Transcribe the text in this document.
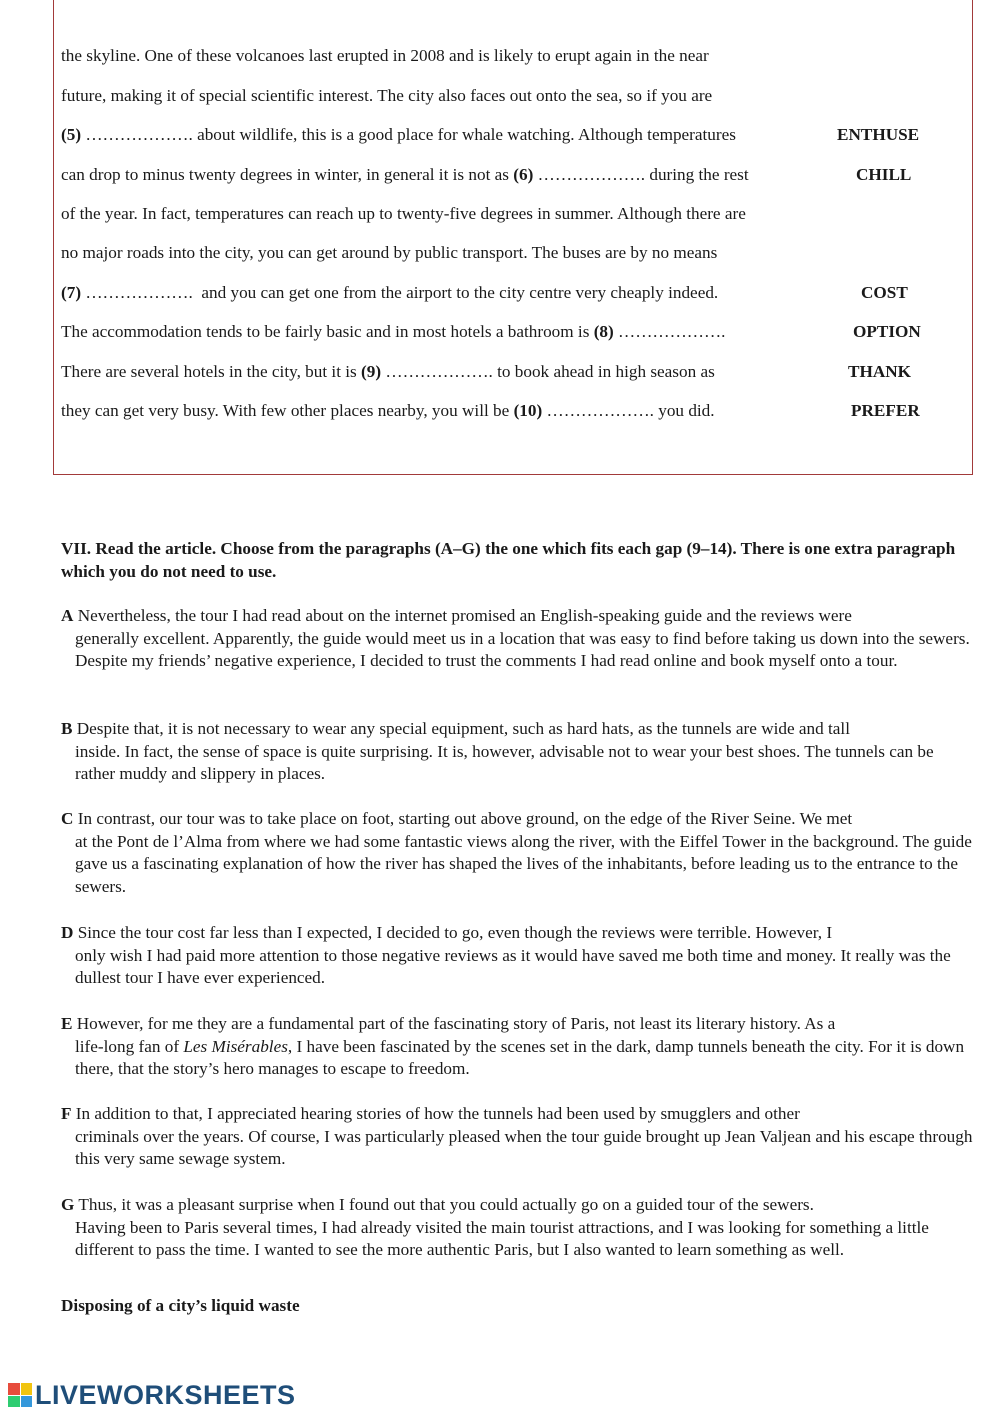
the skyline. One of these volcanoes last erupted in 2008 and is likely to erupt again in the near
future, making it of special scientific interest. The city also faces out onto the sea, so if you are
(5) ………………. about wildlife, this is a good place for whale watching. Although temperatures	ENTHUSE
can drop to minus twenty degrees in winter, in general it is not as (6) ………………. during the rest	CHILL
of the year. In fact, temperatures can reach up to twenty-five degrees in summer. Although there are
no major roads into the city, you can get around by public transport. The buses are by no means
(7) ……………….  and you can get one from the airport to the city centre very cheaply indeed.	COST
The accommodation tends to be fairly basic and in most hotels a bathroom is (8) ……………….	OPTION
There are several hotels in the city, but it is (9) ………………. to book ahead in high season as	THANK
they can get very busy. With few other places nearby, you will be (10) ………………. you did.	PREFER
VII. Read the article. Choose from the paragraphs (A–G) the one which fits each gap (9–14). There is one extra paragraph which you do not need to use.
A Nevertheless, the tour I had read about on the internet promised an English-speaking guide and the reviews were
generally excellent. Apparently, the guide would meet us in a location that was easy to find before taking us down into the sewers. Despite my friends’ negative experience, I decided to trust the comments I had read online and book myself onto a tour.
B Despite that, it is not necessary to wear any special equipment, such as hard hats, as the tunnels are wide and tall
inside. In fact, the sense of space is quite surprising. It is, however, advisable not to wear your best shoes. The tunnels can be rather muddy and slippery in places.
C In contrast, our tour was to take place on foot, starting out above ground, on the edge of the River Seine. We met
at the Pont de l’Alma from where we had some fantastic views along the river, with the Eiffel Tower in the background. The guide gave us a fascinating explanation of how the river has shaped the lives of the inhabitants, before leading us to the entrance to the sewers.
D Since the tour cost far less than I expected, I decided to go, even though the reviews were terrible. However, I
only wish I had paid more attention to those negative reviews as it would have saved me both time and money. It really was the dullest tour I have ever experienced.
E However, for me they are a fundamental part of the fascinating story of Paris, not least its literary history. As a
life-long fan of Les Misérables, I have been fascinated by the scenes set in the dark, damp tunnels beneath the city. For it is down there, that the story’s hero manages to escape to freedom.
F In addition to that, I appreciated hearing stories of how the tunnels had been used by smugglers and other
criminals over the years. Of course, I was particularly pleased when the tour guide brought up Jean Valjean and his escape through this very same sewage system.
G Thus, it was a pleasant surprise when I found out that you could actually go on a guided tour of the sewers.
Having been to Paris several times, I had already visited the main tourist attractions, and I was looking for something a little different to pass the time. I wanted to see the more authentic Paris, but I also wanted to learn something as well.
Disposing of a city’s liquid waste
LIVEWORKSHEETS
